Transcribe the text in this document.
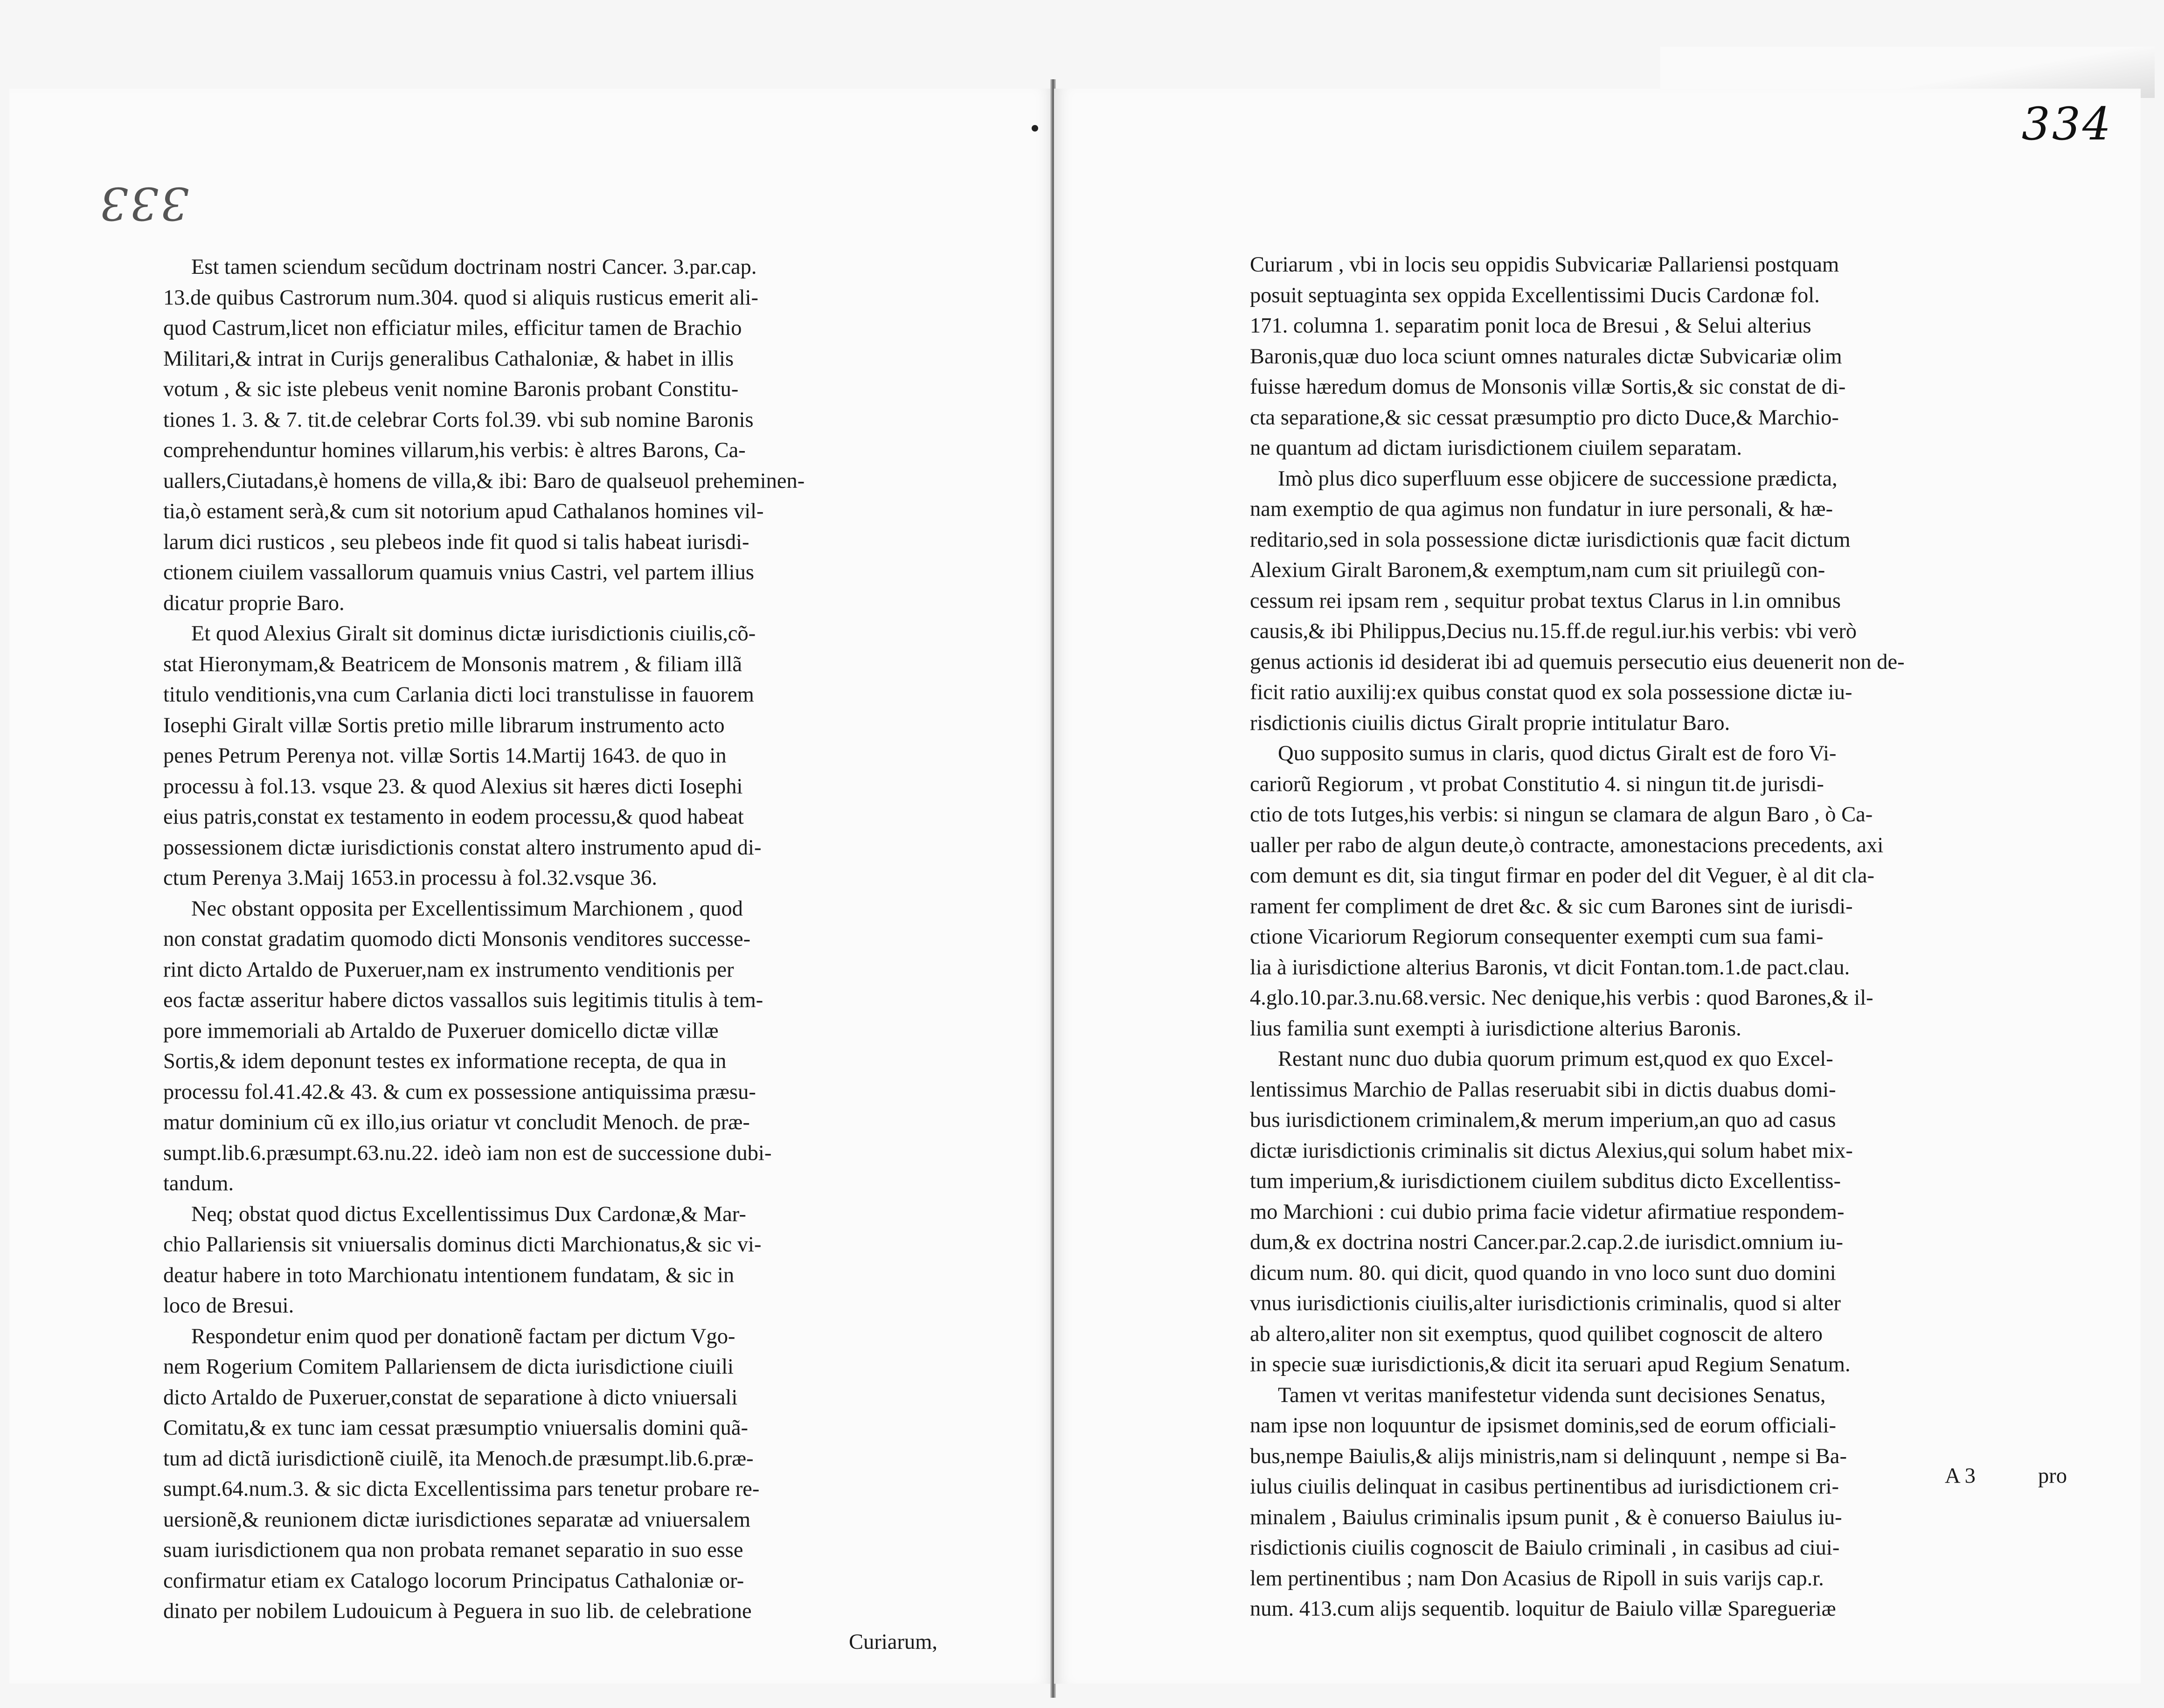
333
Est tamen sciendum secũdum doctrinam nostri Cancer. 3.par.cap.
13.de quibus Castrorum num.304. quod si aliquis rusticus emerit ali-
quod Castrum,licet non efficiatur miles, efficitur tamen de Brachio
Militari,& intrat in Curijs generalibus Cathaloniæ, & habet in illis
votum , & sic iste plebeus venit nomine Baronis probant Constitu-
tiones 1. 3. & 7. tit.de celebrar Corts fol.39. vbi sub nomine Baronis
comprehenduntur homines villarum,his verbis: è altres Barons, Ca-
uallers,Ciutadans,è homens de villa,& ibi: Baro de qualseuol preheminen-
tia,ò estament serà,& cum sit notorium apud Cathalanos homines vil-
larum dici rusticos , seu plebeos inde fit quod si talis habeat iurisdi-
ctionem ciuilem vassallorum quamuis vnius Castri, vel partem illius
dicatur proprie Baro.
Et quod Alexius Giralt sit dominus dictæ iurisdictionis ciuilis,cõ-
stat Hieronymam,& Beatricem de Monsonis matrem , & filiam illã
titulo venditionis,vna cum Carlania dicti loci transtulisse in fauorem
Iosephi Giralt villæ Sortis pretio mille librarum instrumento acto
penes Petrum Perenya not. villæ Sortis 14.Martij 1643. de quo in
processu à fol.13. vsque 23. & quod Alexius sit hæres dicti Iosephi
eius patris,constat ex testamento in eodem processu,& quod habeat
possessionem dictæ iurisdictionis constat altero instrumento apud di-
ctum Perenya 3.Maij 1653.in processu à fol.32.vsque 36.
Nec obstant opposita per Excellentissimum Marchionem , quod
non constat gradatim quomodo dicti Monsonis venditores successe-
rint dicto Artaldo de Puxeruer,nam ex instrumento venditionis per
eos factæ asseritur habere dictos vassallos suis legitimis titulis à tem-
pore immemoriali ab Artaldo de Puxeruer domicello dictæ villæ
Sortis,& idem deponunt testes ex informatione recepta, de qua in
processu fol.41.42.& 43. & cum ex possessione antiquissima præsu-
matur dominium cũ ex illo,ius oriatur vt concludit Menoch. de præ-
sumpt.lib.6.præsumpt.63.nu.22. ideò iam non est de successione dubi-
tandum.
Neq; obstat quod dictus Excellentissimus Dux Cardonæ,& Mar-
chio Pallariensis sit vniuersalis dominus dicti Marchionatus,& sic vi-
deatur habere in toto Marchionatu intentionem fundatam, & sic in
loco de Bresui.
Respondetur enim quod per donationẽ factam per dictum Vgo-
nem Rogerium Comitem Pallariensem de dicta iurisdictione ciuili
dicto Artaldo de Puxeruer,constat de separatione à dicto vniuersali
Comitatu,& ex tunc iam cessat præsumptio vniuersalis domini quã-
tum ad dictã iurisdictionẽ ciuilẽ, ita Menoch.de præsumpt.lib.6.præ-
sumpt.64.num.3. & sic dicta Excellentissima pars tenetur probare re-
uersionẽ,& reunionem dictæ iurisdictiones separatæ ad vniuersalem
suam iurisdictionem qua non probata remanet separatio in suo esse
confirmatur etiam ex Catalogo locorum Principatus Cathaloniæ or-
dinato per nobilem Ludouicum à Peguera in suo lib. de celebratione
Curiarum,
334
Curiarum , vbi in locis seu oppidis Subvicariæ Pallariensi postquam
posuit septuaginta sex oppida Excellentissimi Ducis Cardonæ fol.
171. columna 1. separatim ponit loca de Bresui , & Selui alterius
Baronis,quæ duo loca sciunt omnes naturales dictæ Subvicariæ olim
fuisse hæredum domus de Monsonis villæ Sortis,& sic constat de di-
cta separatione,& sic cessat præsumptio pro dicto Duce,& Marchio-
ne quantum ad dictam iurisdictionem ciuilem separatam.
Imò plus dico superfluum esse objicere de successione prædicta,
nam exemptio de qua agimus non fundatur in iure personali, & hæ-
reditario,sed in sola possessione dictæ iurisdictionis quæ facit dictum
Alexium Giralt Baronem,& exemptum,nam cum sit priuilegũ con-
cessum rei ipsam rem , sequitur probat textus Clarus in l.in omnibus
causis,& ibi Philippus,Decius nu.15.ff.de regul.iur.his verbis: vbi verò
genus actionis id desiderat ibi ad quemuis persecutio eius deuenerit non de-
ficit ratio auxilij:ex quibus constat quod ex sola possessione dictæ iu-
risdictionis ciuilis dictus Giralt proprie intitulatur Baro.
Quo supposito sumus in claris, quod dictus Giralt est de foro Vi-
cariorũ Regiorum , vt probat Constitutio 4. si ningun tit.de jurisdi-
ctio de tots Iutges,his verbis: si ningun se clamara de algun Baro , ò Ca-
ualler per rabo de algun deute,ò contracte, amonestacions precedents, axi
com demunt es dit, sia tingut firmar en poder del dit Veguer, è al dit cla-
rament fer compliment de dret &c. & sic cum Barones sint de iurisdi-
ctione Vicariorum Regiorum consequenter exempti cum sua fami-
lia à iurisdictione alterius Baronis, vt dicit Fontan.tom.1.de pact.clau.
4.glo.10.par.3.nu.68.versic. Nec denique,his verbis : quod Barones,& il-
lius familia sunt exempti à iurisdictione alterius Baronis.
Restant nunc duo dubia quorum primum est,quod ex quo Excel-
lentissimus Marchio de Pallas reseruabit sibi in dictis duabus domi-
bus iurisdictionem criminalem,& merum imperium,an quo ad casus
dictæ iurisdictionis criminalis sit dictus Alexius,qui solum habet mix-
tum imperium,& iurisdictionem ciuilem subditus dicto Excellentiss-
mo Marchioni : cui dubio prima facie videtur afirmatiue respondem-
dum,& ex doctrina nostri Cancer.par.2.cap.2.de iurisdict.omnium iu-
dicum num. 80. qui dicit, quod quando in vno loco sunt duo domini
vnus iurisdictionis ciuilis,alter iurisdictionis criminalis, quod si alter
ab altero,aliter non sit exemptus, quod quilibet cognoscit de altero
in specie suæ iurisdictionis,& dicit ita seruari apud Regium Senatum.
Tamen vt veritas manifestetur videnda sunt decisiones Senatus,
nam ipse non loquuntur de ipsismet dominis,sed de eorum officiali-
bus,nempe Baiulis,& alijs ministris,nam si delinquunt , nempe si Ba-
iulus ciuilis delinquat in casibus pertinentibus ad iurisdictionem cri-
minalem , Baiulus criminalis ipsum punit , & è conuerso Baiulus iu-
risdictionis ciuilis cognoscit de Baiulo criminali , in casibus ad ciui-
lem pertinentibus ; nam Don Acasius de Ripoll in suis varijs cap.r.
num. 413.cum alijs sequentib. loquitur de Baiulo villæ Sparegueriæ
A 3	pro
